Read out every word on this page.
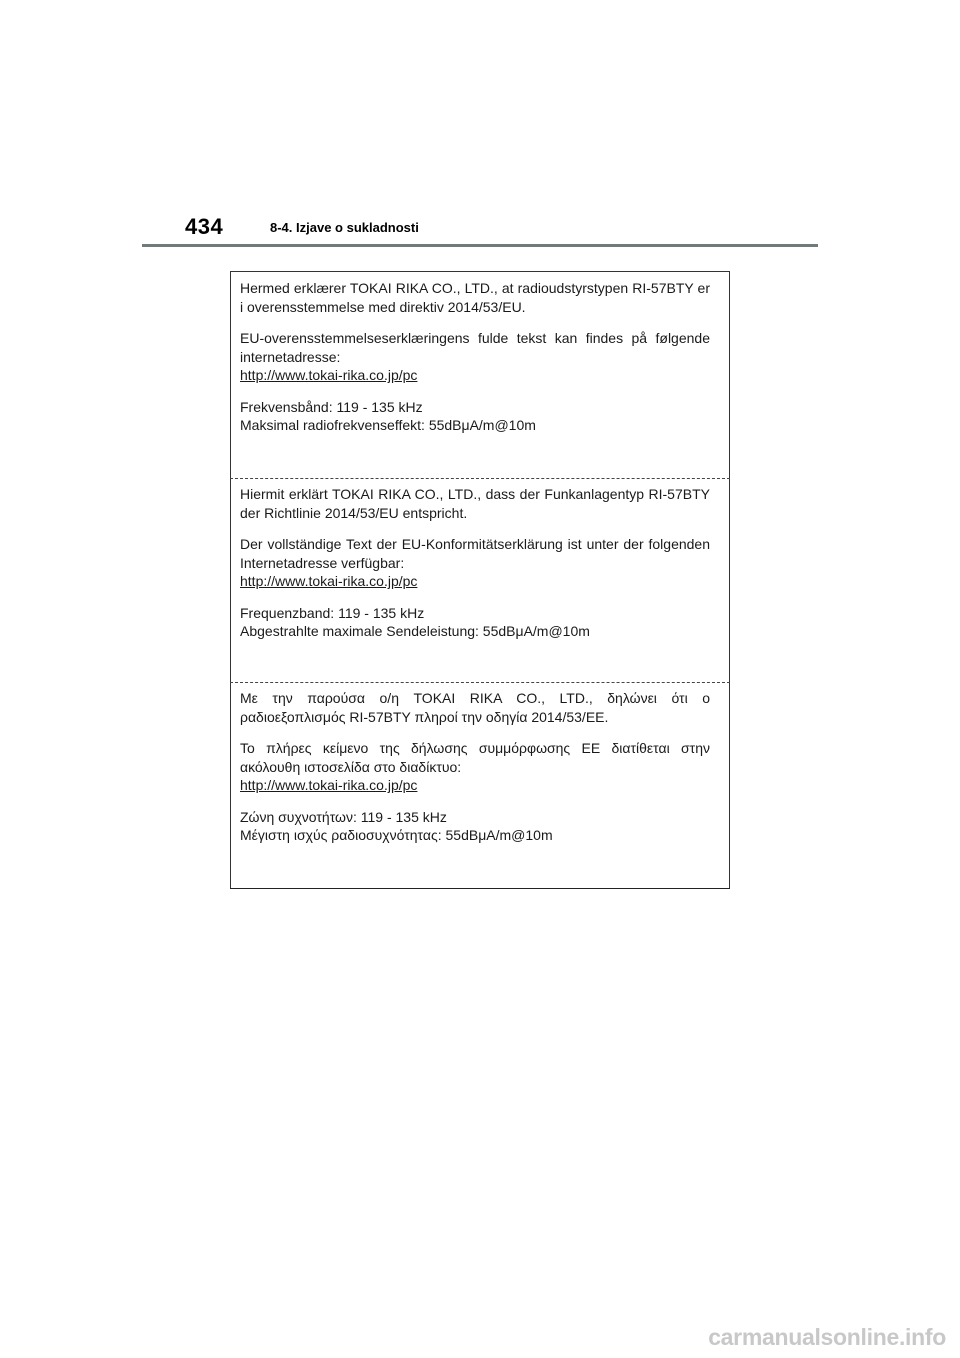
434	8-4. Izjave o sukladnosti

Hermed erklærer TOKAI RIKA CO., LTD., at radioudstyrstypen RI-57BTY er i overensstemmelse med direktiv 2014/53/EU.

EU-overensstemmelseserklæringens fulde tekst kan findes på følgende internetadresse:

http://www.tokai-rika.co.jp/pc

Frekvensbånd: 119 - 135 kHz

Maksimal radiofrekvenseffekt: 55dBμA/m@10m

Hiermit erklärt TOKAI RIKA CO., LTD., dass der Funkanlagentyp RI-57BTY der Richtlinie 2014/53/EU entspricht.

Der vollständige Text der EU-Konformitätserklärung ist unter der folgenden Internetadresse verfügbar:

http://www.tokai-rika.co.jp/pc

Frequenzband: 119 - 135 kHz

Abgestrahlte maximale Sendeleistung: 55dBμA/m@10m

Με την παρούσα ο/η TOKAI RIKA CO., LTD., δηλώνει ότι ο ραδιοεξοπλισμός RI-57BTY πληροί την οδηγία 2014/53/ΕΕ.

Το πλήρες κείμενο της δήλωσης συμμόρφωσης ΕΕ διατίθεται στην ακόλουθη ιστοσελίδα στο διαδίκτυο:

http://www.tokai-rika.co.jp/pc

Ζώνη συχνοτήτων: 119 - 135 kHz

Μέγιστη ισχύς ραδιοσυχνότητας: 55dBμA/m@10m

carmanualsonline.info
